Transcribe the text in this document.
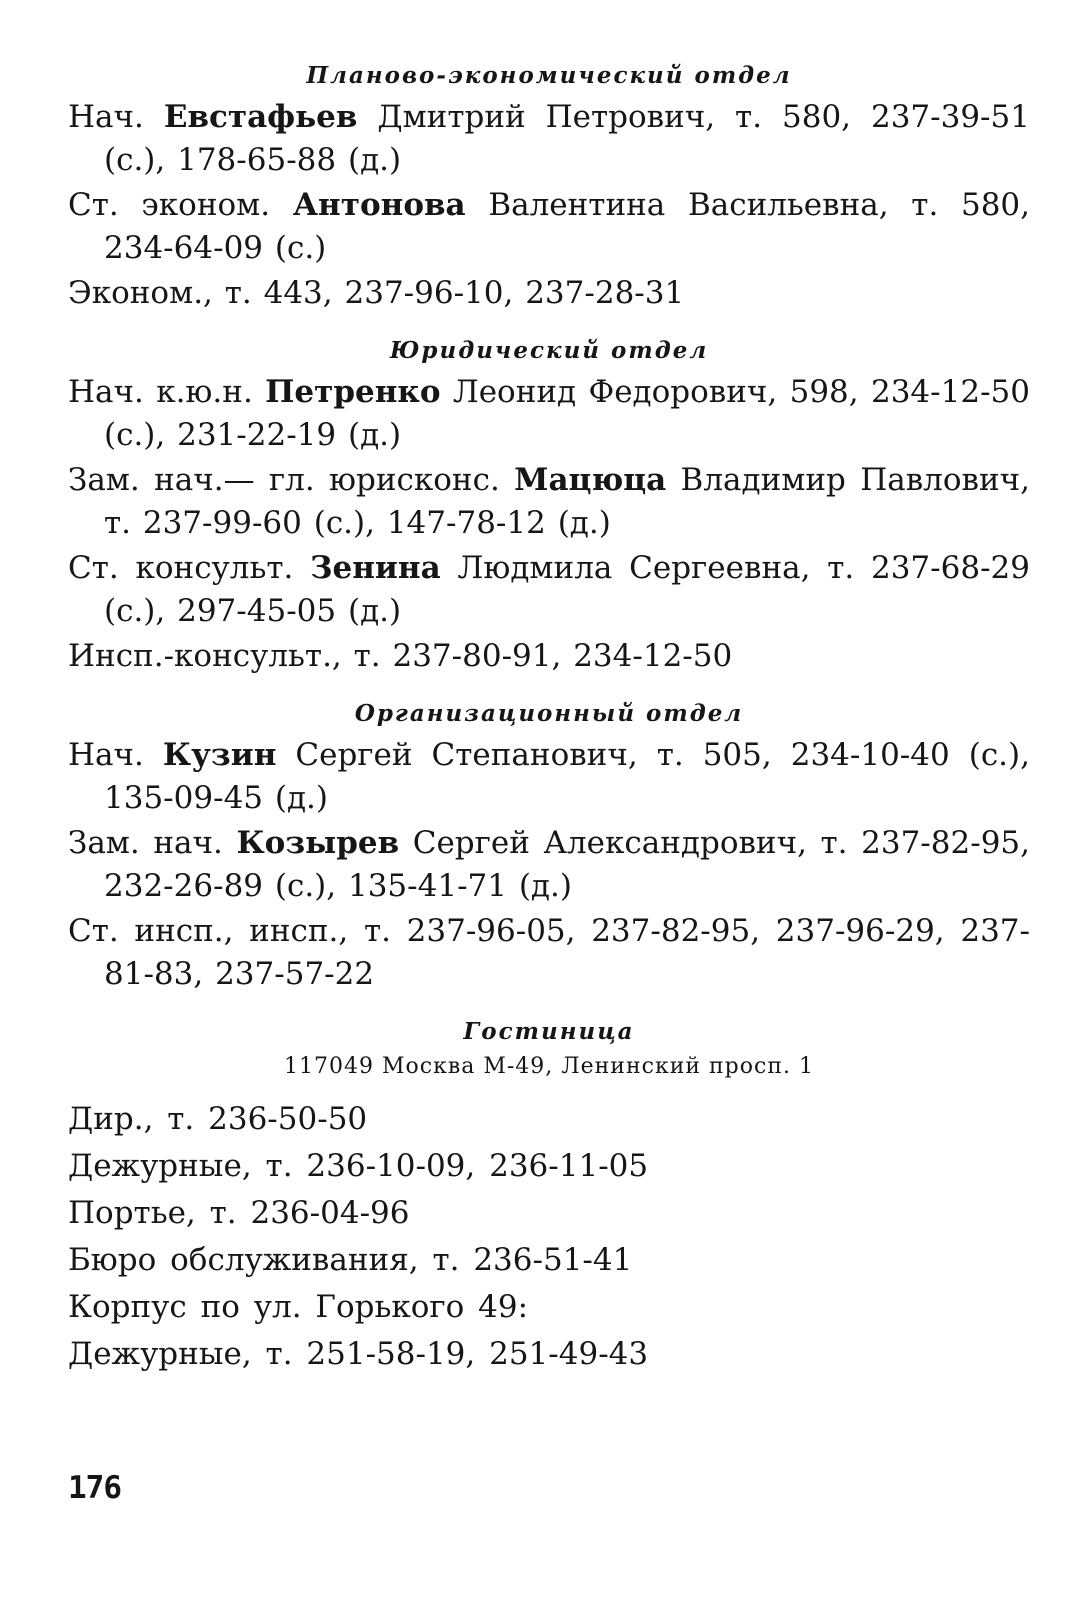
Планово-экономический отдел

Нач. Евстафьев Дмитрий Петрович, т. 580, 237-39-51 (с.), 178-65-88 (д.)

Ст. эконом. Антонова Валентина Васильевна, т. 580, 234-64-09 (с.)

Эконом., т. 443, 237-96-10, 237-28-31

Юридический отдел

Нач. к.ю.н. Петренко Леонид Федорович, 598, 234-12-50 (с.), 231-22-19 (д.)

Зам. нач.— гл. юрисконс. Мацюца Владимир Павлович, т. 237-99-60 (с.), 147-78-12 (д.)

Ст. консульт. Зенина Людмила Сергеевна, т. 237-68-29 (с.), 297-45-05 (д.)

Инсп.-консульт., т. 237-80-91, 234-12-50

Организационный отдел

Нач. Кузин Сергей Степанович, т. 505, 234-10-40 (с.), 135-09-45 (д.)

Зам. нач. Козырев Сергей Александрович, т. 237-82-95, 232-26-89 (с.), 135-41-71 (д.)

Ст. инсп., инсп., т. 237-96-05, 237-82-95, 237-96-29, 237-81-83, 237-57-22

Гостиница
117049 Москва М-49, Ленинский просп. 1

Дир., т. 236-50-50

Дежурные, т. 236-10-09, 236-11-05

Портье, т. 236-04-96

Бюро обслуживания, т. 236-51-41

Корпус по ул. Горького 49:

Дежурные, т. 251-58-19, 251-49-43

176
